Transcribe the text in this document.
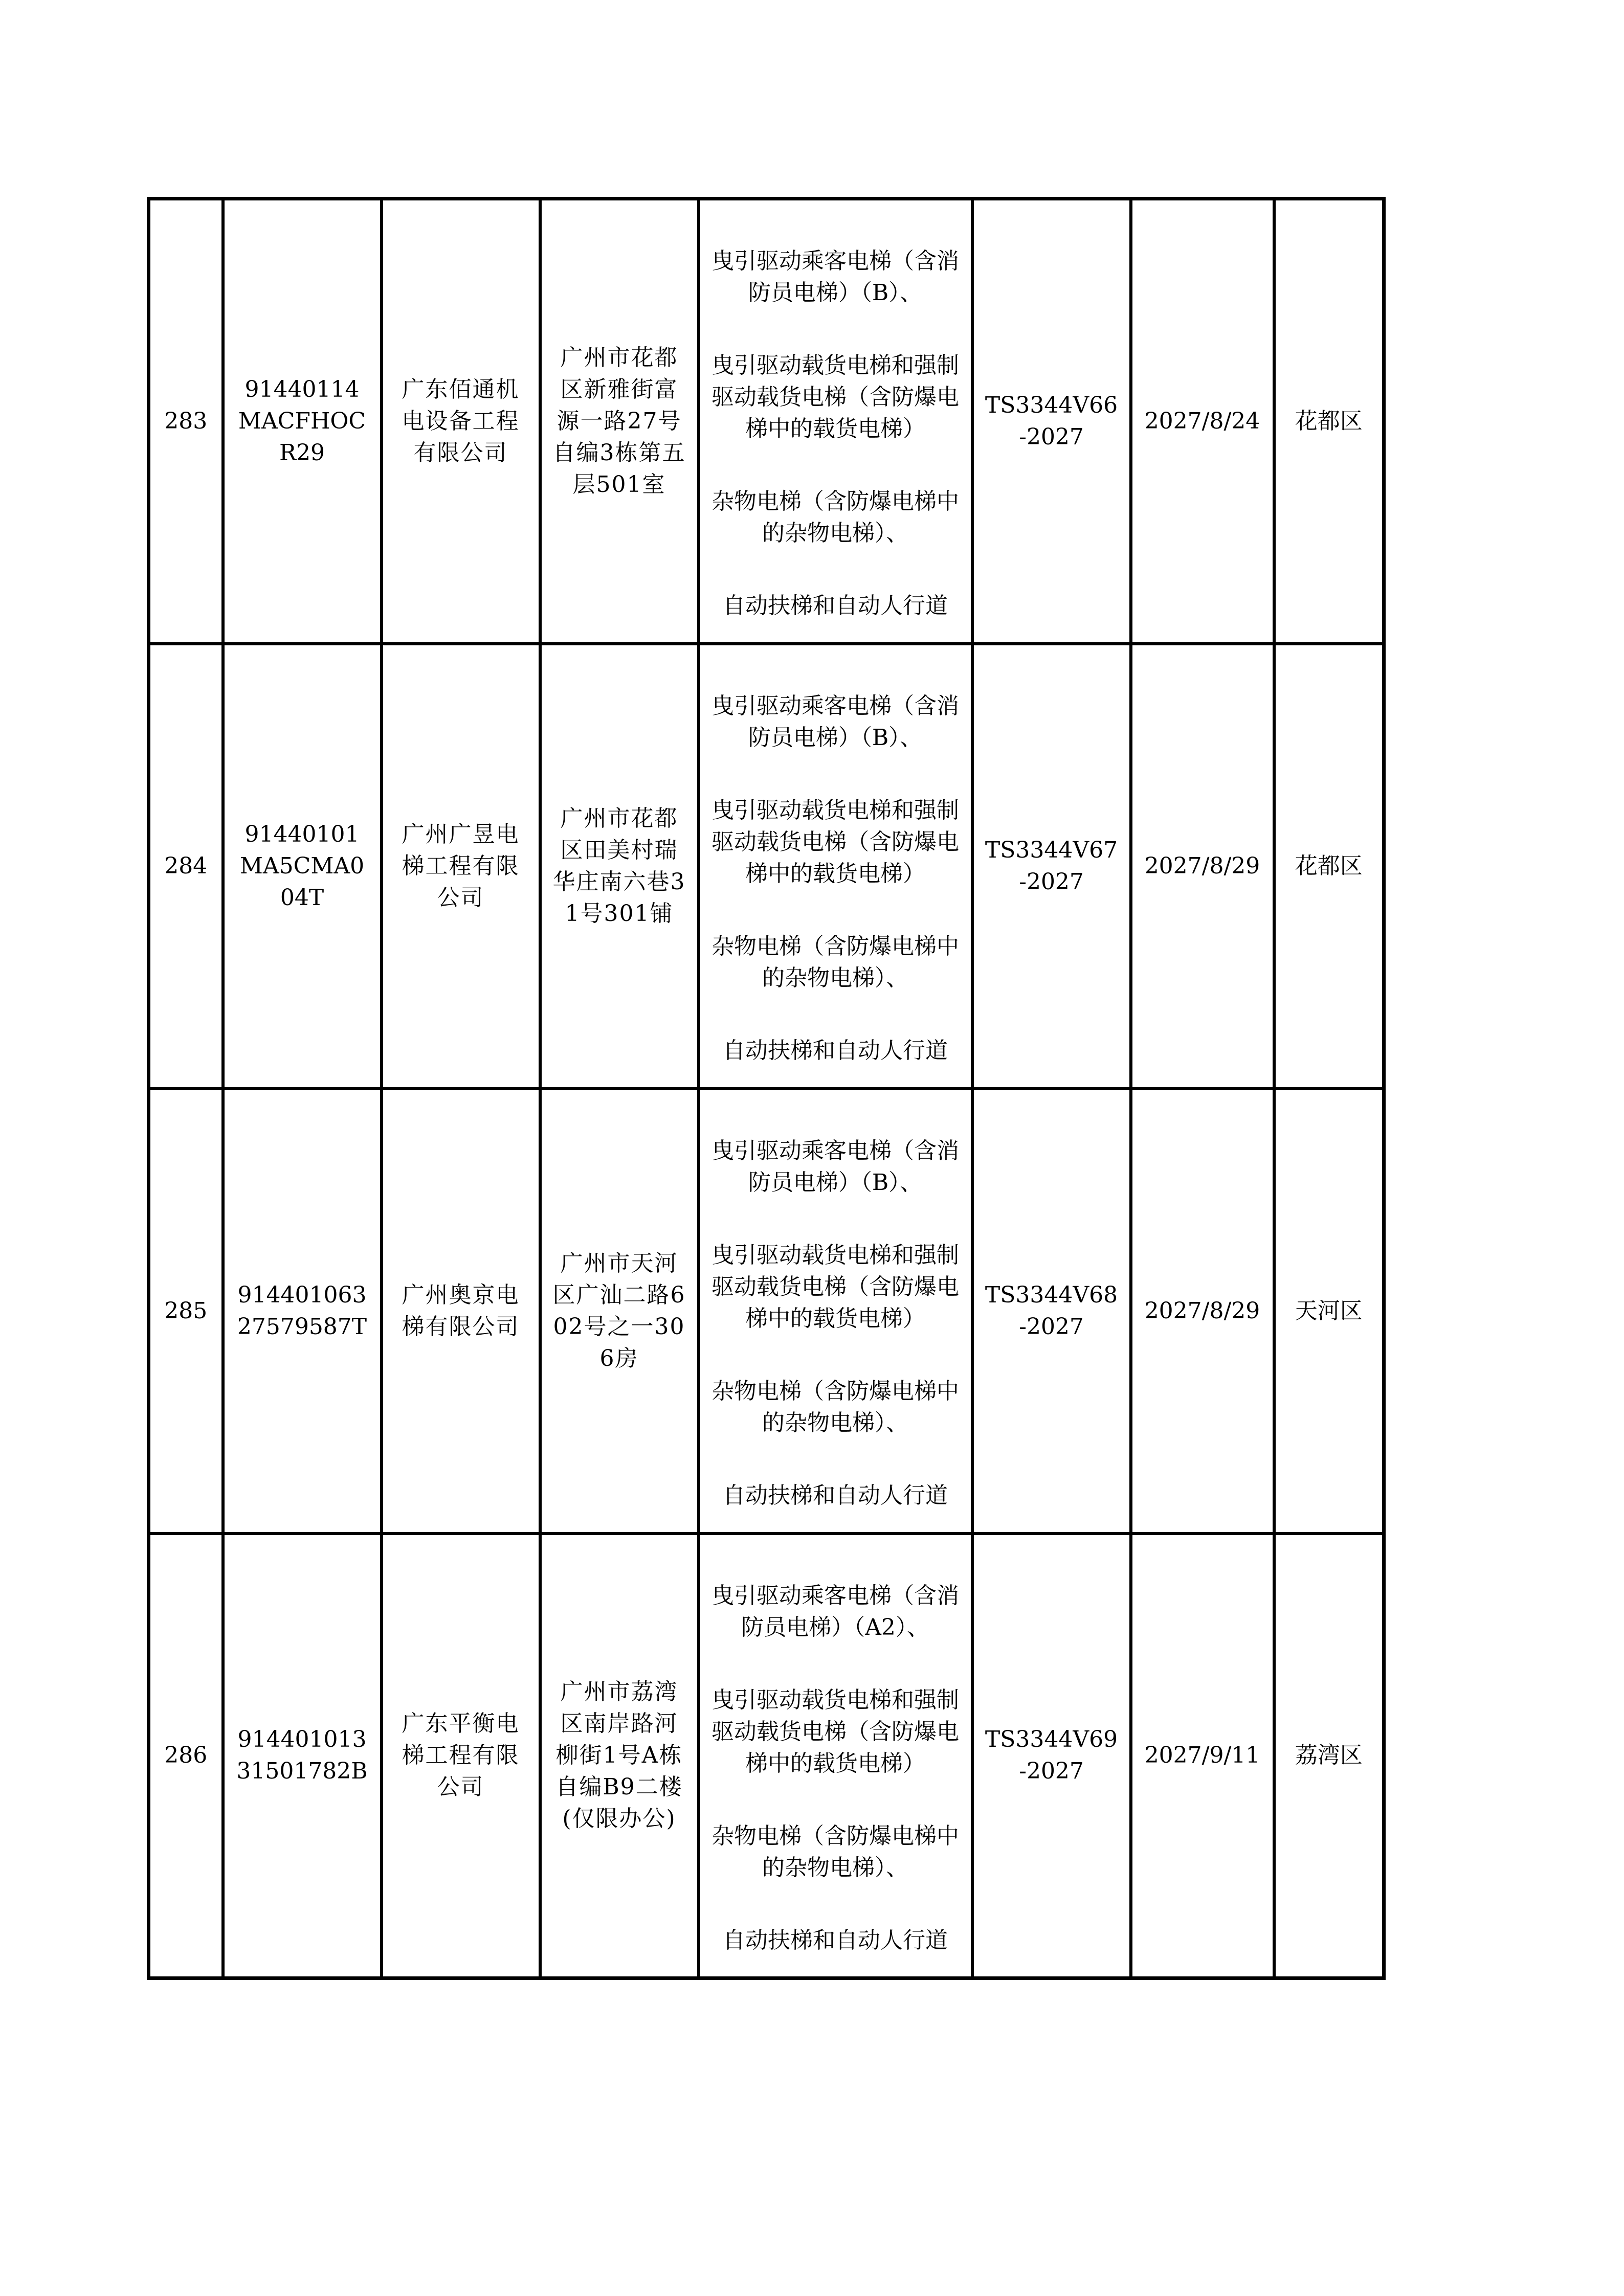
283	91440114MACFHOCR29	广东佰通机电设备工程有限公司	广州市花都区新雅街富源一路27号自编3栋第五层501室	曳引驱动乘客电梯（含消防员电梯）（B）、
曳引驱动载货电梯和强制驱动载货电梯（含防爆电梯中的载货电梯）
杂物电梯（含防爆电梯中的杂物电梯）、
自动扶梯和自动人行道	TS3344V66-2027	2027/8/24	花都区
284	91440101MA5CMA004T	广州广昱电梯工程有限公司	广州市花都区田美村瑞华庄南六巷31号301铺	曳引驱动乘客电梯（含消防员电梯）（B）、
曳引驱动载货电梯和强制驱动载货电梯（含防爆电梯中的载货电梯）
杂物电梯（含防爆电梯中的杂物电梯）、
自动扶梯和自动人行道	TS3344V67-2027	2027/8/29	花都区
285	91440106327579587T	广州奥京电梯有限公司	广州市天河区广汕二路602号之一306房	曳引驱动乘客电梯（含消防员电梯）（B）、
曳引驱动载货电梯和强制驱动载货电梯（含防爆电梯中的载货电梯）
杂物电梯（含防爆电梯中的杂物电梯）、
自动扶梯和自动人行道	TS3344V68-2027	2027/8/29	天河区
286	91440101331501782B	广东平衡电梯工程有限公司	广州市荔湾区南岸路河柳街1号A栋自编B9二楼(仅限办公)	曳引驱动乘客电梯（含消防员电梯）（A2）、
曳引驱动载货电梯和强制驱动载货电梯（含防爆电梯中的载货电梯）
杂物电梯（含防爆电梯中的杂物电梯）、
自动扶梯和自动人行道	TS3344V69-2027	2027/9/11	荔湾区
